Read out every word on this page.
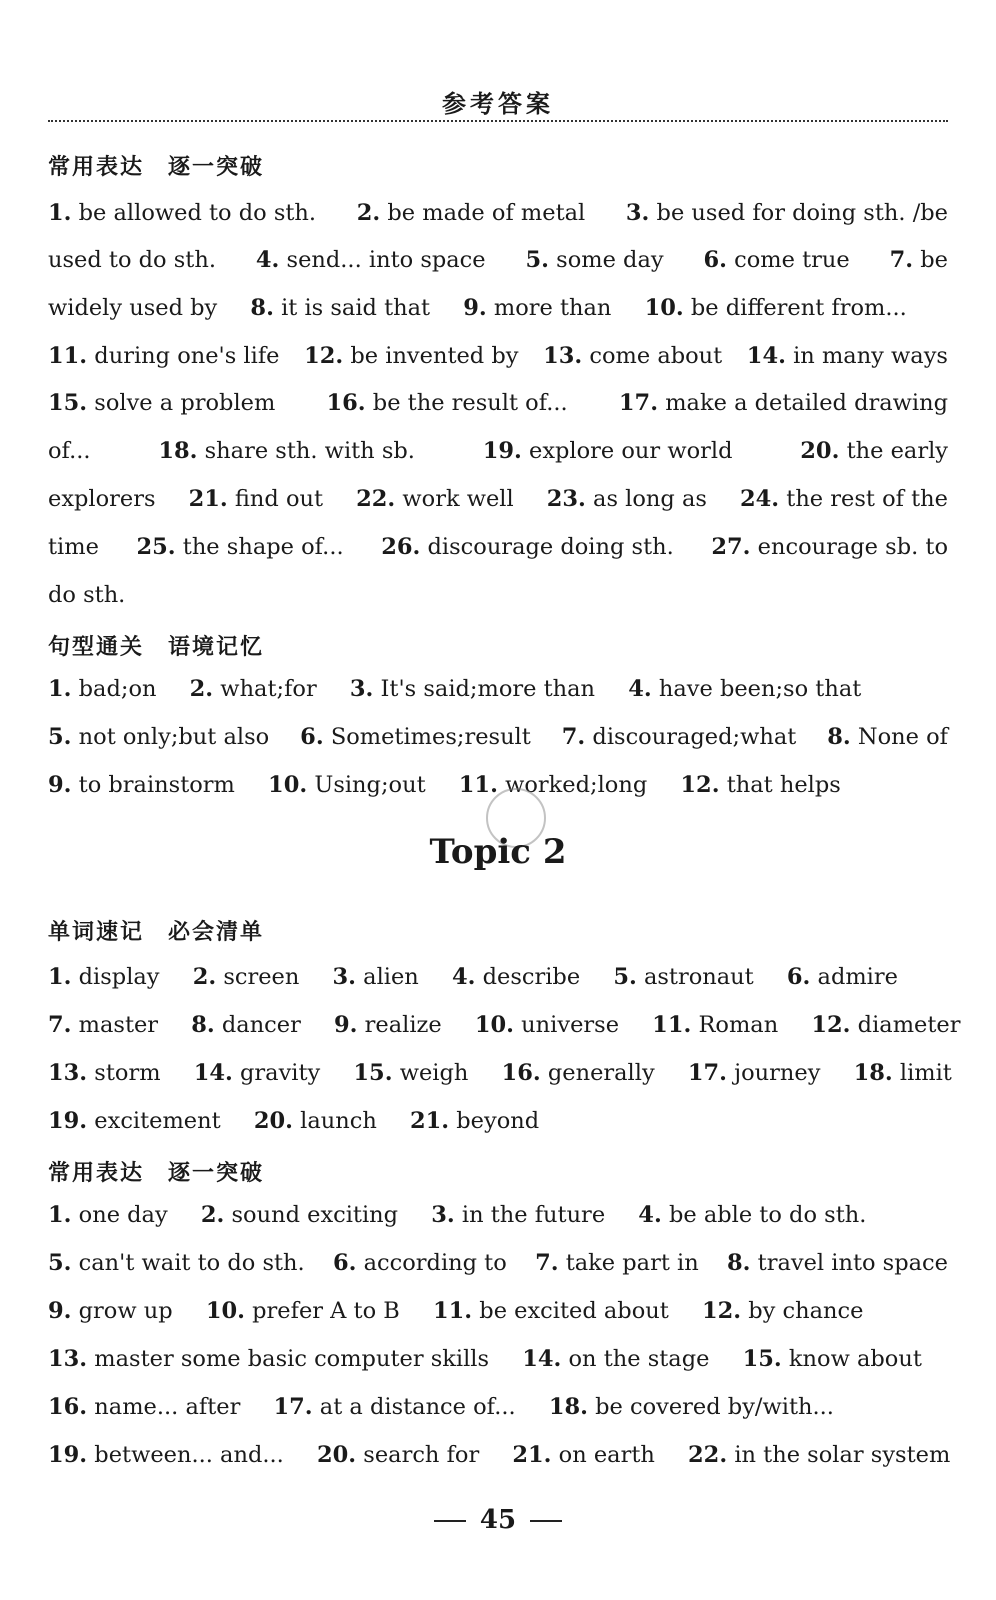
参考答案
常用表达 逐一突破
1. be allowed to do sth. 2. be made of metal 3. be used for doing sth. /be
used to do sth. 4. send... into space 5. some day 6. come true 7. be
widely used by 8. it is said that 9. more than 10. be different from...
11. during one's life 12. be invented by 13. come about 14. in many ways
15. solve a problem 16. be the result of... 17. make a detailed drawing
of...	18. share sth. with sb.	19. explore our world	20. the early
explorers 21. find out 22. work well 23. as long as 24. the rest of the
time 25. the shape of... 26. discourage doing sth. 27. encourage sb. to
do sth.
句型通关 语境记忆
1. bad;on 2. what;for 3. It's said;more than 4. have been;so that
5. not only;but also 6. Sometimes;result 7. discouraged;what 8. None of
9. to brainstorm 10. Using;out 11. worked;long 12. that helps
Topic 2
单词速记 必会清单
1. display 2. screen 3. alien 4. describe 5. astronaut 6. admire
7. master 8. dancer 9. realize 10. universe 11. Roman 12. diameter
13. storm 14. gravity 15. weigh 16. generally 17. journey 18. limit
19. excitement 20. launch 21. beyond
常用表达 逐一突破
1. one day 2. sound exciting 3. in the future 4. be able to do sth.
5. can't wait to do sth. 6. according to 7. take part in 8. travel into space
9. grow up 10. prefer A to B 11. be excited about 12. by chance
13. master some basic computer skills 14. on the stage 15. know about
16. name... after 17. at a distance of... 18. be covered by/with...
19. between... and... 20. search for 21. on earth 22. in the solar system
45
